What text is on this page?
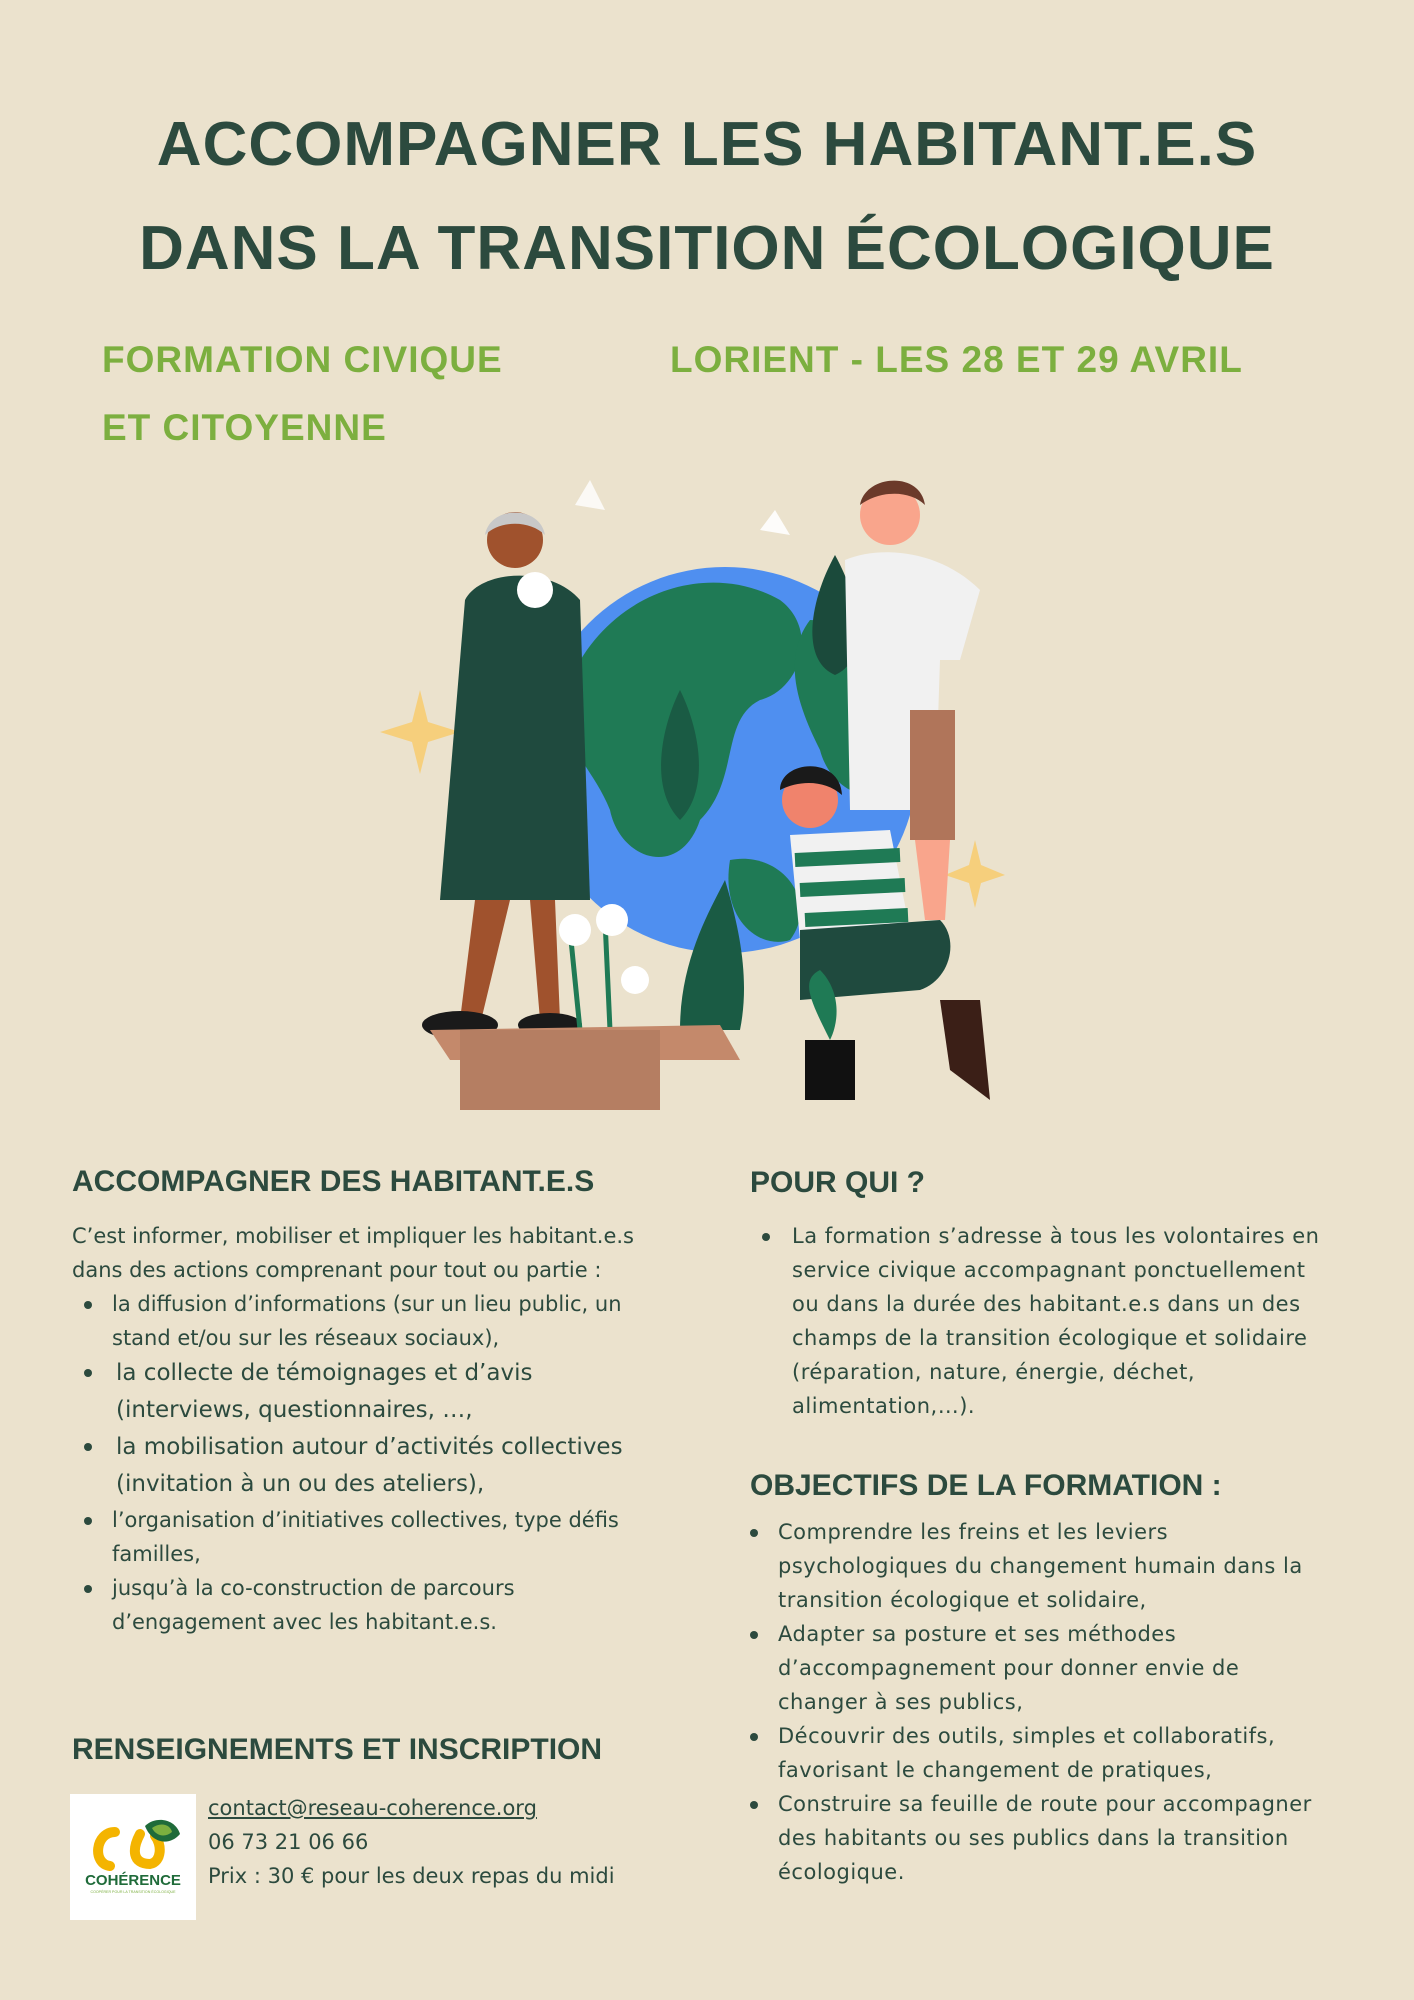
ACCOMPAGNER LES HABITANT.E.S
DANS LA TRANSITION ÉCOLOGIQUE
FORMATION CIVIQUE
ET CITOYENNE
LORIENT - LES 28 ET 29 AVRIL
ACCOMPAGNER DES HABITANT.E.S

C’est informer, mobiliser et impliquer les habitant.e.s dans des actions comprenant pour tout ou partie :

la diffusion d’informations (sur un lieu public, un stand et/ou sur les réseaux sociaux),
la collecte de témoignages et d’avis (interviews, questionnaires, …,
la mobilisation autour d’activités collectives (invitation à un ou des ateliers),
l’organisation d’initiatives collectives, type défis familles,
jusqu’à la co-construction de parcours d’engagement avec les habitant.e.s.
RENSEIGNEMENTS ET INSCRIPTION
COHÉRENCE
COOPÉRER POUR LA TRANSITION ÉCOLOGIQUE
contact@reseau-coherence.org
06 73 21 06 66
Prix : 30 € pour les deux repas du midi
POUR QUI ?
La formation s’adresse à tous les volontaires en service civique accompagnant ponctuellement ou dans la durée des habitant.e.s dans un des champs de la transition écologique et solidaire (réparation, nature, énergie, déchet, alimentation,…).
OBJECTIFS DE LA FORMATION :
Comprendre les freins et les leviers psychologiques du changement humain dans la transition écologique et solidaire,
Adapter sa posture et ses méthodes d’accompagnement pour donner envie de changer à ses publics,
Découvrir des outils, simples et collaboratifs, favorisant le changement de pratiques,
Construire sa feuille de route pour accompagner des habitants ou ses publics dans la transition écologique.
